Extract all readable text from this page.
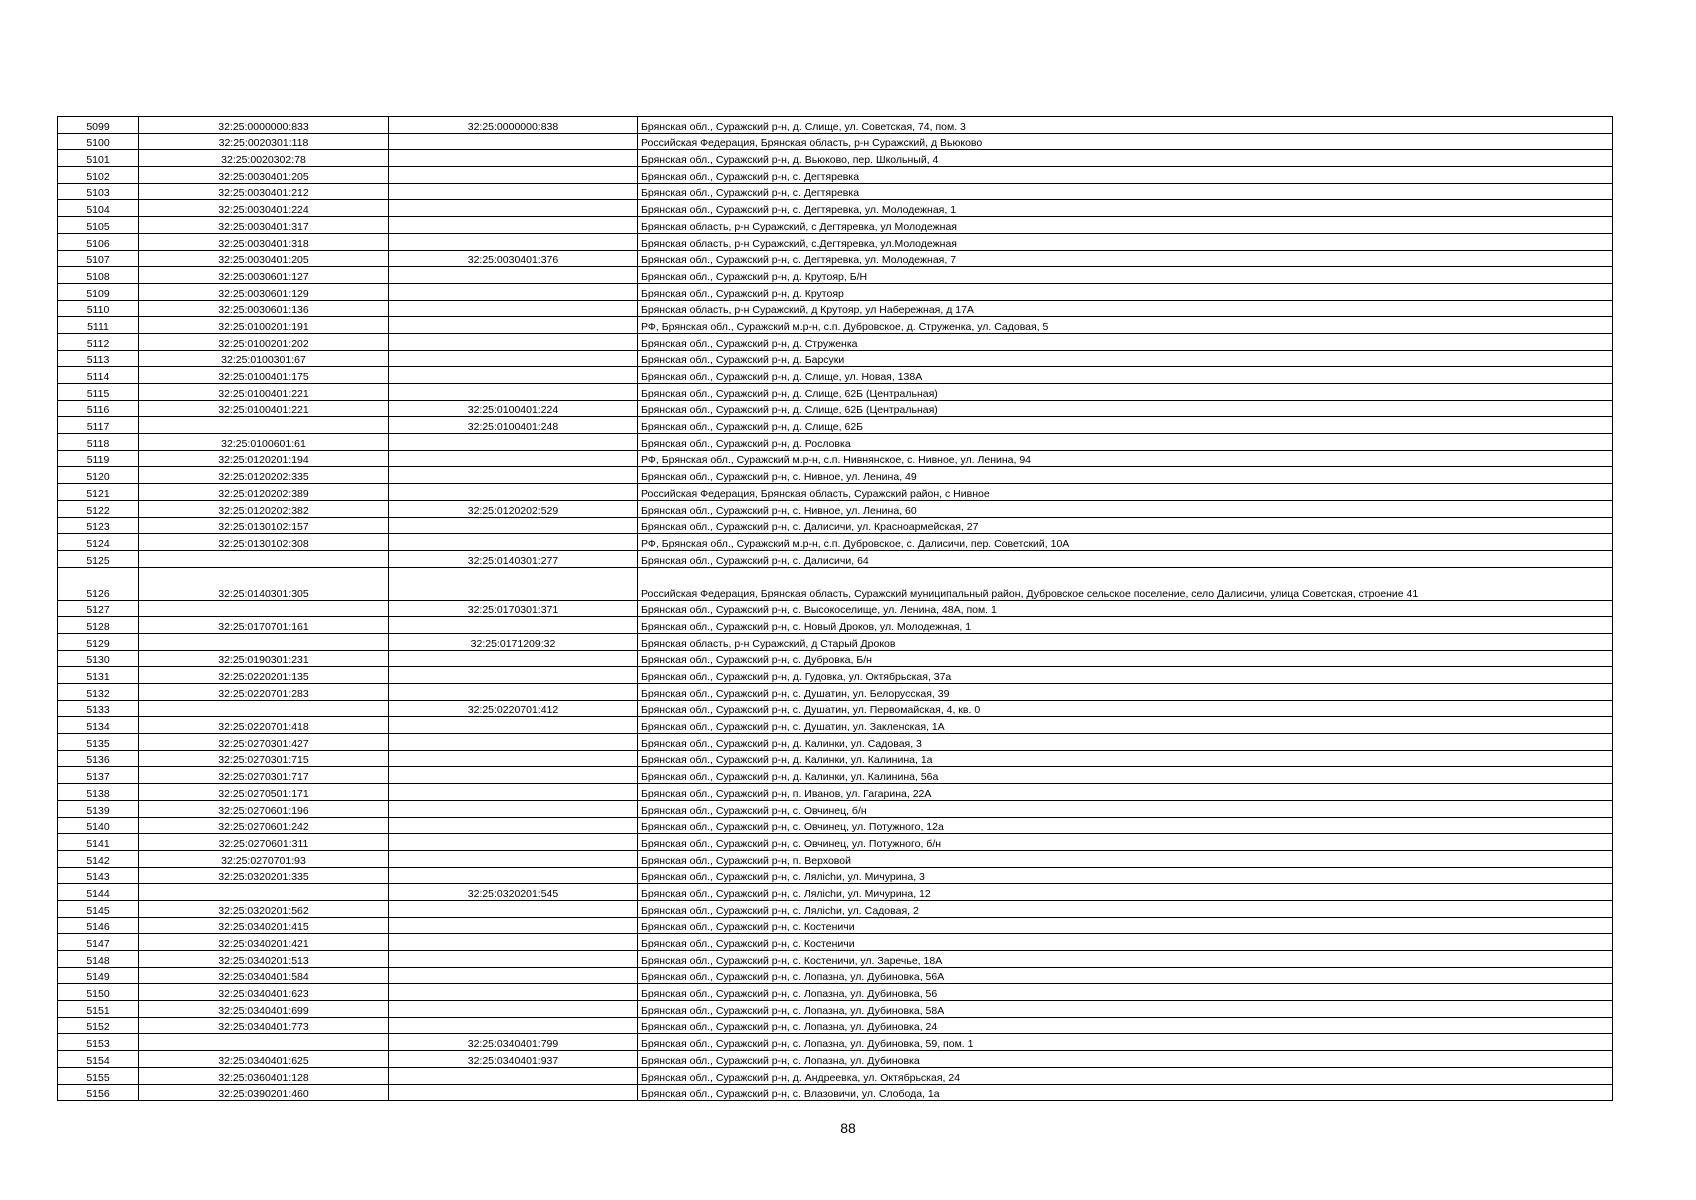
5099	32:25:0000000:833	32:25:0000000:838	Брянская обл., Суражский р-н, д. Слище, ул. Советская, 74, пом. 3
5100	32:25:0020301:118		Российская Федерация, Брянская область, р-н Суражский, д Вьюково
5101	32:25:0020302:78		Брянская обл., Суражский р-н, д. Вьюково, пер. Школьный, 4
5102	32:25:0030401:205		Брянская обл., Суражский р-н, с. Дегтяревка
5103	32:25:0030401:212		Брянская обл., Суражский р-н, с. Дегтяревка
5104	32:25:0030401:224		Брянская обл., Суражский р-н, с. Дегтяревка, ул. Молодежная, 1
5105	32:25:0030401:317		Брянская область, р-н Суражский, с Дегтяревка, ул Молодежная
5106	32:25:0030401:318		Брянская область, р-н Суражский, с.Дегтяревка, ул.Молодежная
5107	32:25:0030401:205	32:25:0030401:376	Брянская обл., Суражский р-н, с. Дегтяревка, ул. Молодежная, 7
5108	32:25:0030601:127		Брянская обл., Суражский р-н, д. Крутояр, Б/Н
5109	32:25:0030601:129		Брянская обл., Суражский р-н, д. Крутояр
5110	32:25:0030601:136		Брянская область, р-н Суражский, д Крутояр, ул Набережная, д 17А
5111	32:25:0100201:191		РФ, Брянская обл., Суражский м.р-н, с.п. Дубровское, д. Струженка, ул. Садовая, 5
5112	32:25:0100201:202		Брянская обл., Суражский р-н, д. Струженка
5113	32:25:0100301:67		Брянская обл., Суражский р-н, д. Барсуки
5114	32:25:0100401:175		Брянская обл., Суражский р-н, д. Слище, ул. Новая, 138А
5115	32:25:0100401:221		Брянская обл., Суражский р-н, д. Слище, 62Б (Центральная)
5116	32:25:0100401:221	32:25:0100401:224	Брянская обл., Суражский р-н, д. Слище, 62Б (Центральная)
5117		32:25:0100401:248	Брянская обл., Суражский р-н, д. Слище, 62Б
5118	32:25:0100601:61		Брянская обл., Суражский р-н, д. Рословка
5119	32:25:0120201:194		РФ, Брянская обл., Суражский м.р-н, с.п. Нивнянское, с. Нивное, ул. Ленина, 94
5120	32:25:0120202:335		Брянская обл., Суражский р-н, с. Нивное, ул. Ленина, 49
5121	32:25:0120202:389		Российская Федерация, Брянская область, Суражский район, с Нивное
5122	32:25:0120202:382	32:25:0120202:529	Брянская обл., Суражский р-н, с. Нивное, ул. Ленина, 60
5123	32:25:0130102:157		Брянская обл., Суражский р-н, с. Далисичи, ул. Красноармейская, 27
5124	32:25:0130102:308		РФ, Брянская обл., Суражский м.р-н, с.п. Дубровское, с. Далисичи, пер. Советский, 10А
5125		32:25:0140301:277	Брянская обл., Суражский р-н, с. Далисичи, 64
5126	32:25:0140301:305		Российская Федерация, Брянская область, Суражский муниципальный район, Дубровское сельское поселение, село Далисичи, улица Советская, строение 41
5127		32:25:0170301:371	Брянская обл., Суражский р-н, с. Высокоселище, ул. Ленина, 48А, пом. 1
5128	32:25:0170701:161		Брянская обл., Суражский р-н, с. Новый Дроков, ул. Молодежная, 1
5129		32:25:0171209:32	Брянская область, р-н Суражский, д Старый Дроков
5130	32:25:0190301:231		Брянская обл., Суражский р-н, с. Дубровка, Б/н
5131	32:25:0220201:135		Брянская обл., Суражский р-н, д. Гудовка, ул. Октябрьская, 37а
5132	32:25:0220701:283		Брянская обл., Суражский р-н, с. Душатин, ул. Белорусская, 39
5133		32:25:0220701:412	Брянская обл., Суражский р-н, с. Душатин, ул. Первомайская, 4, кв. 0
5134	32:25:0220701:418		Брянская обл., Суражский р-н, с. Душатин, ул. Закленская, 1А
5135	32:25:0270301:427		Брянская обл., Суражский р-н, д. Калинки, ул. Садовая, 3
5136	32:25:0270301:715		Брянская обл., Суражский р-н, д. Калинки, ул. Калинина, 1а
5137	32:25:0270301:717		Брянская обл., Суражский р-н, д. Калинки, ул. Калинина, 56а
5138	32:25:0270501:171		Брянская обл., Суражский р-н, п. Иванов, ул. Гагарина, 22А
5139	32:25:0270601:196		Брянская обл., Суражский р-н, с. Овчинец, б/н
5140	32:25:0270601:242		Брянская обл., Суражский р-н, с. Овчинец, ул. Потужного, 12а
5141	32:25:0270601:311		Брянская обл., Суражский р-н, с. Овчинец, ул. Потужного, б/н
5142	32:25:0270701:93		Брянская обл., Суражский р-н, п. Верховой
5143	32:25:0320201:335		Брянская обл., Суражский р-н, с. Лялichи, ул. Мичурина, 3
5144		32:25:0320201:545	Брянская обл., Суражский р-н, с. Лялichи, ул. Мичурина, 12
5145	32:25:0320201:562		Брянская обл., Суражский р-н, с. Лялichи, ул. Садовая, 2
5146	32:25:0340201:415		Брянская обл., Суражский р-н, с. Костеничи
5147	32:25:0340201:421		Брянская обл., Суражский р-н, с. Костеничи
5148	32:25:0340201:513		Брянская обл., Суражский р-н, с. Костеничи, ул. Заречье, 18А
5149	32:25:0340401:584		Брянская обл., Суражский р-н, с. Лопазна, ул. Дубиновка, 56А
5150	32:25:0340401:623		Брянская обл., Суражский р-н, с. Лопазна, ул. Дубиновка, 56
5151	32:25:0340401:699		Брянская обл., Суражский р-н, с. Лопазна, ул. Дубиновка, 58А
5152	32:25:0340401:773		Брянская обл., Суражский р-н, с. Лопазна, ул. Дубиновка, 24
5153		32:25:0340401:799	Брянская обл., Суражский р-н, с. Лопазна, ул. Дубиновка, 59, пом. 1
5154	32:25:0340401:625	32:25:0340401:937	Брянская обл., Суражский р-н, с. Лопазна, ул. Дубиновка
5155	32:25:0360401:128		Брянская обл., Суражский р-н, д. Андреевка, ул. Октябрьская, 24
5156	32:25:0390201:460		Брянская обл., Суражский р-н, с. Влазовичи, ул. Слобода, 1а
88
